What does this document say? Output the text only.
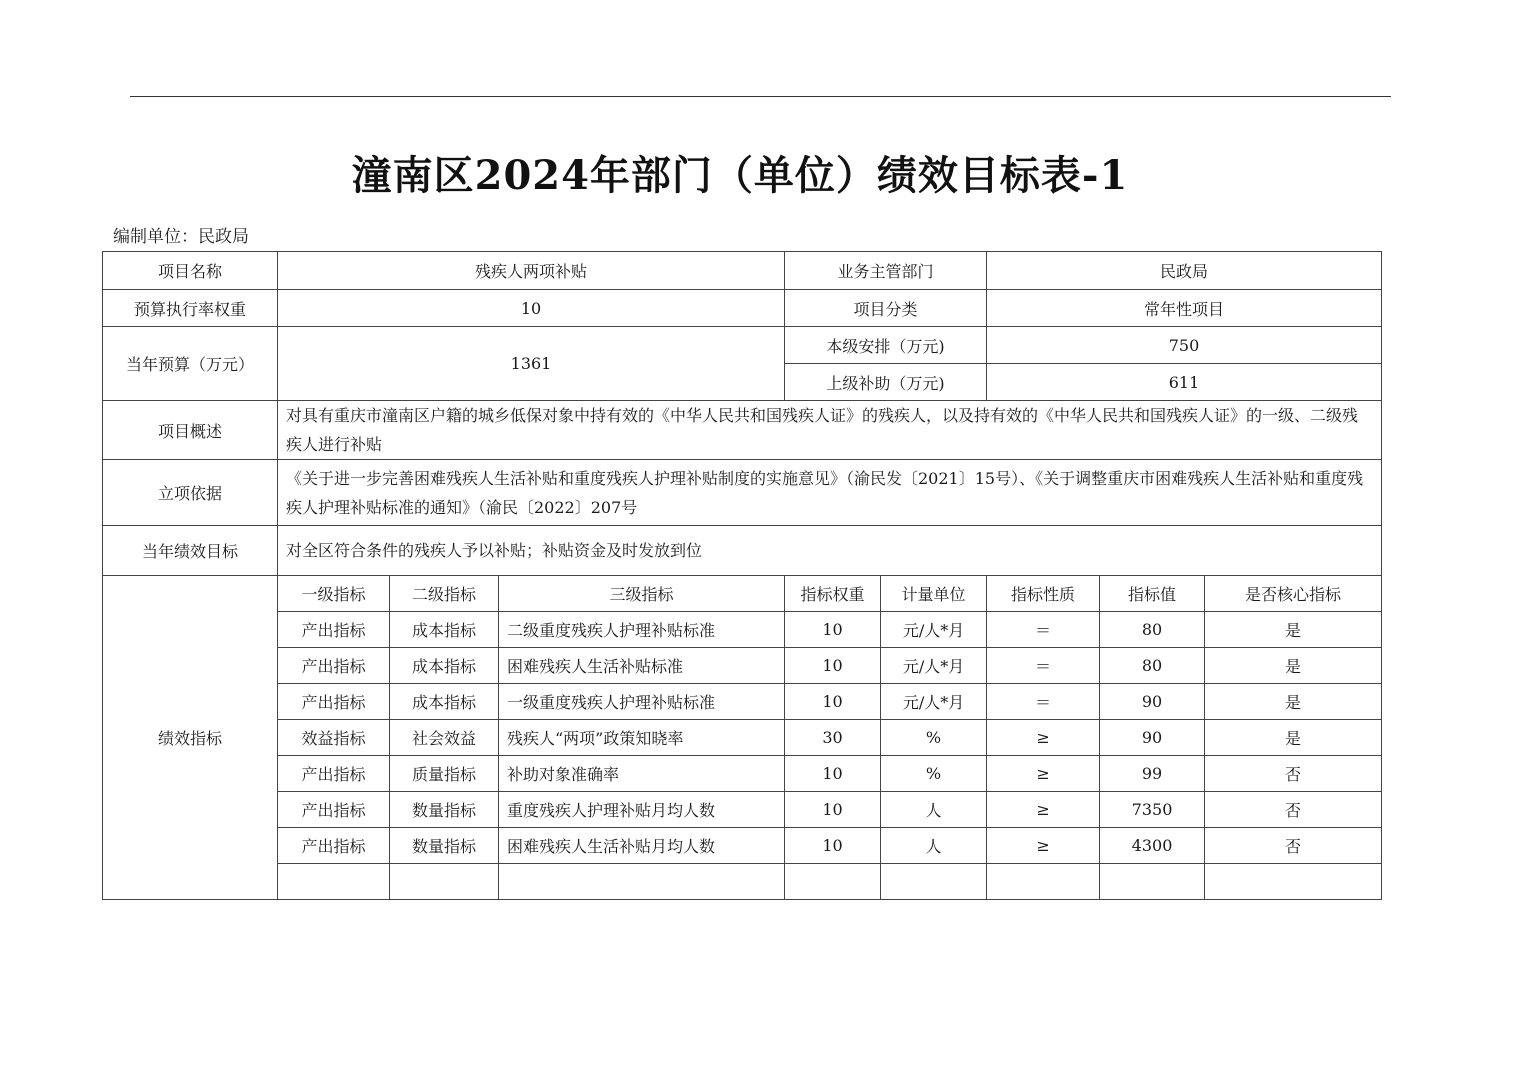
潼南区2024年部门（单位）绩效目标表-1
编制单位：民政局
项目名称	残疾人两项补贴			业务主管部门		民政局		
预算执行率权重	10			项目分类		常年性项目		
当年预算（万元）	1361			本级安排（万元)		750		
				上级补助（万元)		611		
项目概述	对具有重庆市潼南区户籍的城乡低保对象中持有效的《中华人民共和国残疾人证》的残疾人，以及持有效的《中华人民共和国残疾人证》的一级、二级残疾人进行补贴							
立项依据	《关于进一步完善困难残疾人生活补贴和重度残疾人护理补贴制度的实施意见》（渝民发〔2021〕15号）、《关于调整重庆市困难残疾人生活补贴和重度残疾人护理补贴标准的通知》（渝民〔2022〕207号							
当年绩效目标	对全区符合条件的残疾人予以补贴；补贴资金及时发放到位							
绩效指标	一级指标	二级指标	三级指标	指标权重	计量单位	指标性质	指标值	是否核心指标
	产出指标	成本指标	二级重度残疾人护理补贴标准	10	元/人*月	＝	80	是
	产出指标	成本指标	困难残疾人生活补贴标准	10	元/人*月	＝	80	是
	产出指标	成本指标	一级重度残疾人护理补贴标准	10	元/人*月	＝	90	是
	效益指标	社会效益	残疾人“两项”政策知晓率	30	%	≥	90	是
	产出指标	质量指标	补助对象准确率	10	%	≥	99	否
	产出指标	数量指标	重度残疾人护理补贴月均人数	10	人	≥	7350	否
	产出指标	数量指标	困难残疾人生活补贴月均人数	10	人	≥	4300	否
